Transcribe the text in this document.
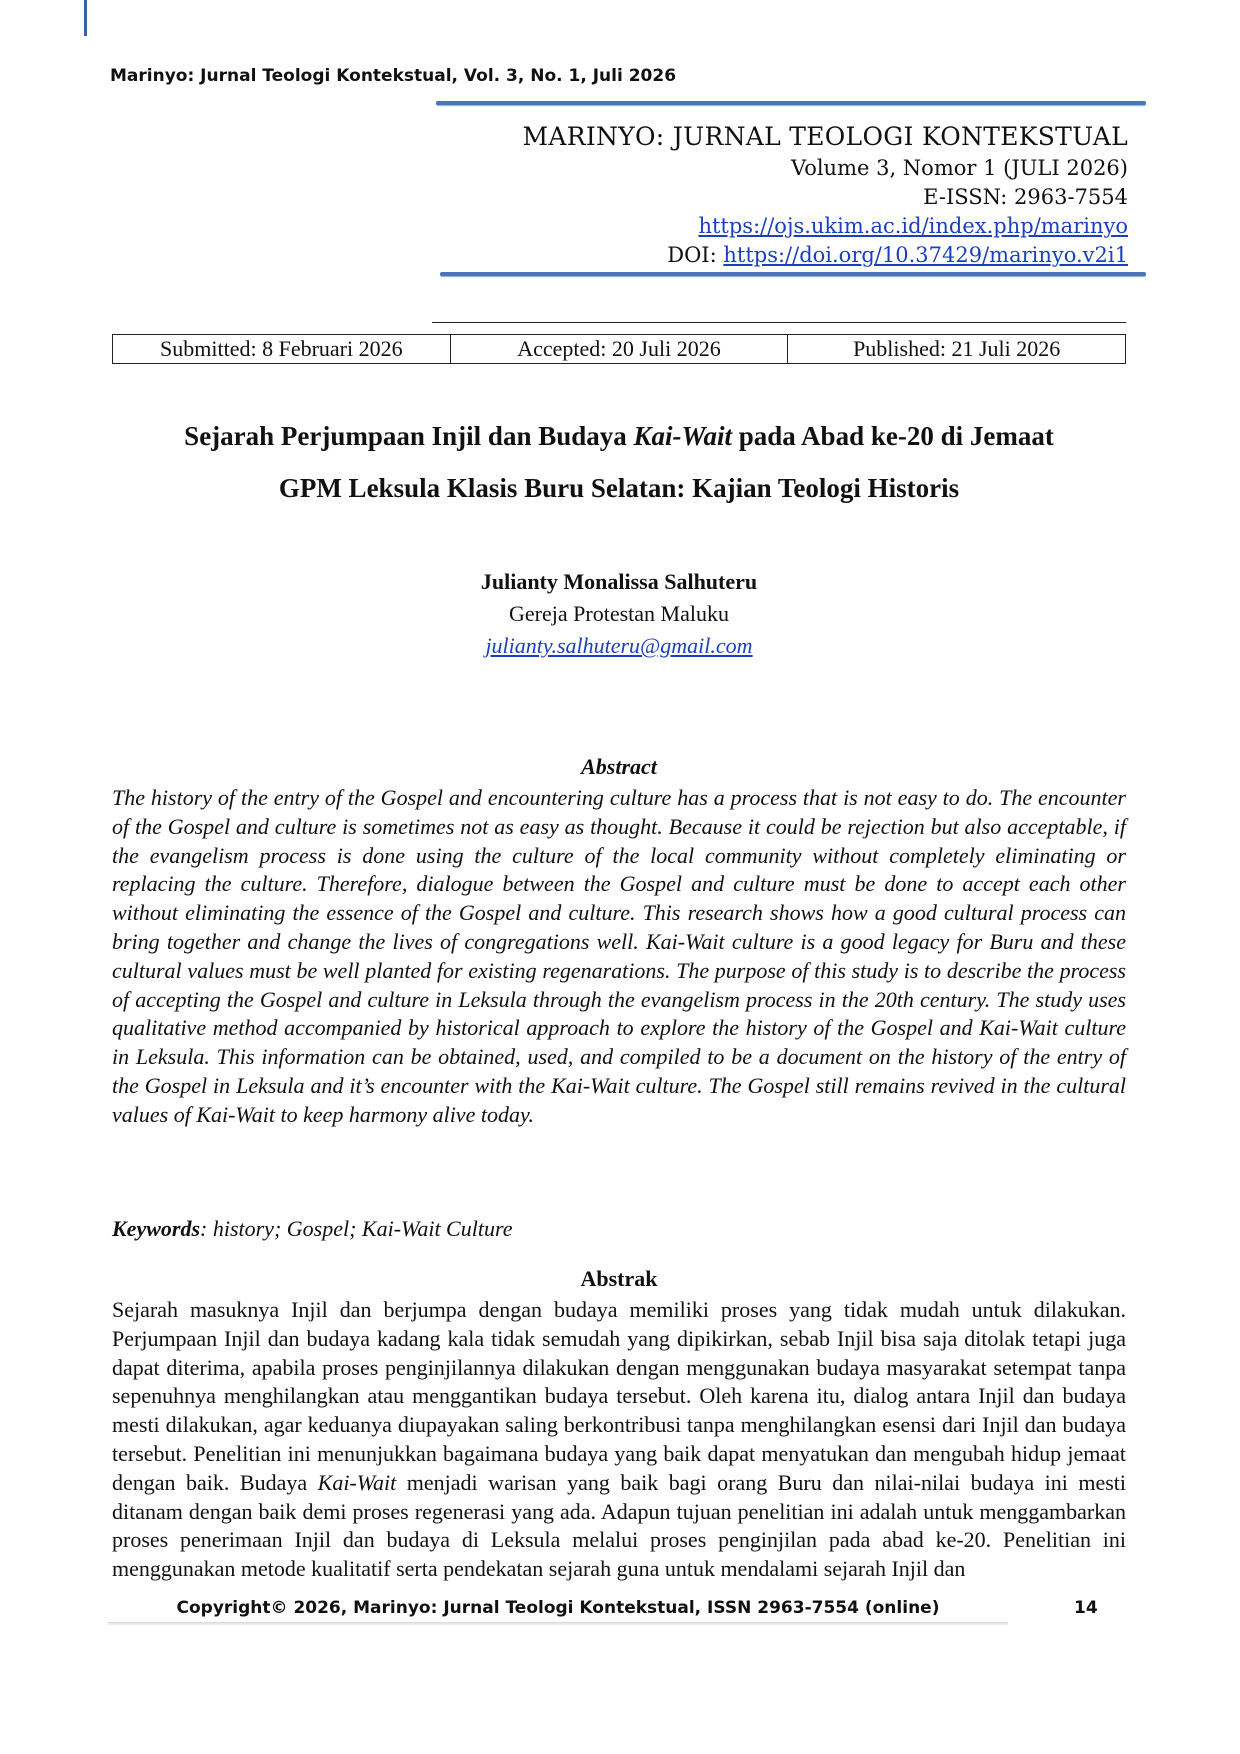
Marinyo: Jurnal Teologi Kontekstual, Vol. 3, No. 1, Juli 2026
MARINYO: JURNAL TEOLOGI KONTEKSTUAL
Volume 3, Nomor 1 (JULI 2026)
E-ISSN: 2963-7554
https://ojs.ukim.ac.id/index.php/marinyo
DOI: https://doi.org/10.37429/marinyo.v2i1
Submitted: 8 Februari 2026	Accepted: 20 Juli 2026	Published: 21 Juli 2026
Sejarah Perjumpaan Injil dan Budaya Kai-Wait pada Abad ke-20 di Jemaat
GPM Leksula Klasis Buru Selatan: Kajian Teologi Historis
Julianty Monalissa Salhuteru
Gereja Protestan Maluku
julianty.salhuteru@gmail.com
Abstract
The history of the entry of the Gospel and encountering culture has a process that is not easy to do. The encounter of the Gospel and culture is sometimes not as easy as thought. Because it could be rejection but also acceptable, if the evangelism process is done using the culture of the local community without completely eliminating or replacing the culture. Therefore, dialogue between the Gospel and culture must be done to accept each other without eliminating the essence of the Gospel and culture. This research shows how a good cultural process can bring together and change the lives of congregations well. Kai-Wait culture is a good legacy for Buru and these cultural values must be well planted for existing regenarations. The purpose of this study is to describe the process of accepting the Gospel and culture in Leksula through the evangelism process in the 20th century. The study uses qualitative method accompanied by historical approach to explore the history of the Gospel and Kai-Wait culture in Leksula. This information can be obtained, used, and compiled to be a document on the history of the entry of the Gospel in Leksula and it’s encounter with the Kai-Wait culture. The Gospel still remains revived in the cultural values of Kai-Wait to keep harmony alive today.
Keywords: history; Gospel; Kai-Wait Culture
Abstrak
Sejarah masuknya Injil dan berjumpa dengan budaya memiliki proses yang tidak mudah untuk dilakukan. Perjumpaan Injil dan budaya kadang kala tidak semudah yang dipikirkan, sebab Injil bisa saja ditolak tetapi juga dapat diterima, apabila proses penginjilannya dilakukan dengan menggunakan budaya masyarakat setempat tanpa sepenuhnya menghilangkan atau menggantikan budaya tersebut. Oleh karena itu, dialog antara Injil dan budaya mesti dilakukan, agar keduanya diupayakan saling berkontribusi tanpa menghilangkan esensi dari Injil dan budaya tersebut. Penelitian ini menunjukkan bagaimana budaya yang baik dapat menyatukan dan mengubah hidup jemaat dengan baik. Budaya Kai-Wait menjadi warisan yang baik bagi orang Buru dan nilai-nilai budaya ini mesti ditanam dengan baik demi proses regenerasi yang ada. Adapun tujuan penelitian ini adalah untuk menggambarkan proses penerimaan Injil dan budaya di Leksula melalui proses penginjilan pada abad ke-20. Penelitian ini menggunakan metode kualitatif serta pendekatan sejarah guna untuk mendalami sejarah Injil dan
Copyright© 2026, Marinyo: Jurnal Teologi Kontekstual, ISSN 2963-7554 (online)	14
